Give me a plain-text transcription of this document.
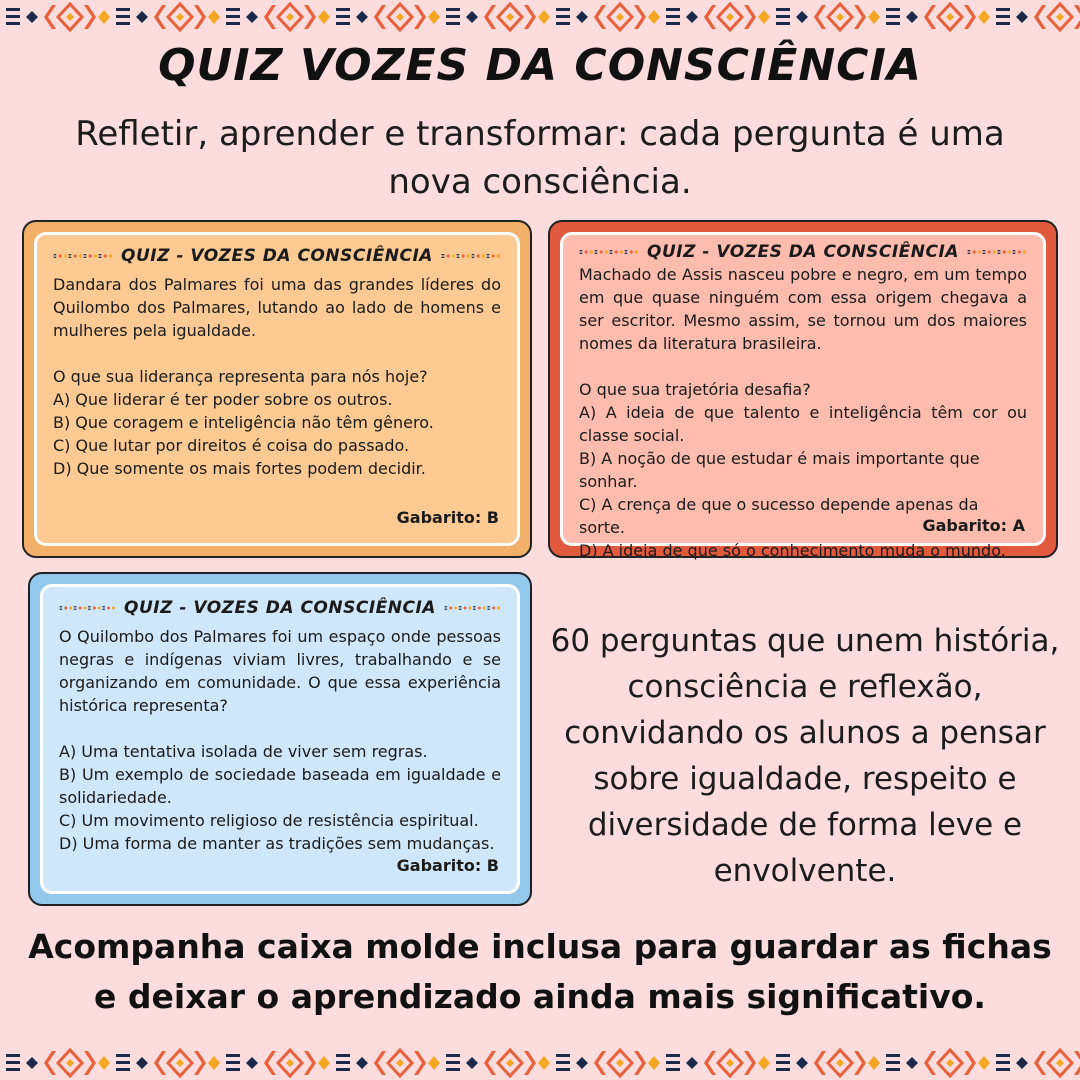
QUIZ VOZES DA CONSCIÊNCIA

Refletir, aprender e transformar: cada pergunta é uma nova consciência.

QUIZ - VOZES DA CONSCIÊNCIA

Dandara dos Palmares foi uma das grandes líderes do Quilombo dos Palmares, lutando ao lado de homens e mulheres pela igualdade.

O que sua liderança representa para nós hoje?
A) Que liderar é ter poder sobre os outros.
B) Que coragem e inteligência não têm gênero.
C) Que lutar por direitos é coisa do passado.
D) Que somente os mais fortes podem decidir.
Gabarito: B
QUIZ - VOZES DA CONSCIÊNCIA

Machado de Assis nasceu pobre e negro, em um tempo em que quase ninguém com essa origem chegava a ser escritor. Mesmo assim, se tornou um dos maiores nomes da literatura brasileira.

O que sua trajetória desafia?

A) A ideia de que talento e inteligência têm cor ou classe social.

B) A noção de que estudar é mais importante que sonhar.
C) A crença de que o sucesso depende apenas da sorte.
D) A ideia de que só o conhecimento muda o mundo.
Gabarito: A
QUIZ - VOZES DA CONSCIÊNCIA

O Quilombo dos Palmares foi um espaço onde pessoas negras e indígenas viviam livres, trabalhando e se organizando em comunidade. O que essa experiência histórica representa?

A) Uma tentativa isolada de viver sem regras.

B) Um exemplo de sociedade baseada em igualdade e solidariedade.

C) Um movimento religioso de resistência espiritual.
D) Uma forma de manter as tradições sem mudanças.
Gabarito: B

60 perguntas que unem história, consciência e reflexão, convidando os alunos a pensar sobre igualdade, respeito e diversidade de forma leve e envolvente.

Acompanha caixa molde inclusa para guardar as fichas e deixar o aprendizado ainda mais significativo.
